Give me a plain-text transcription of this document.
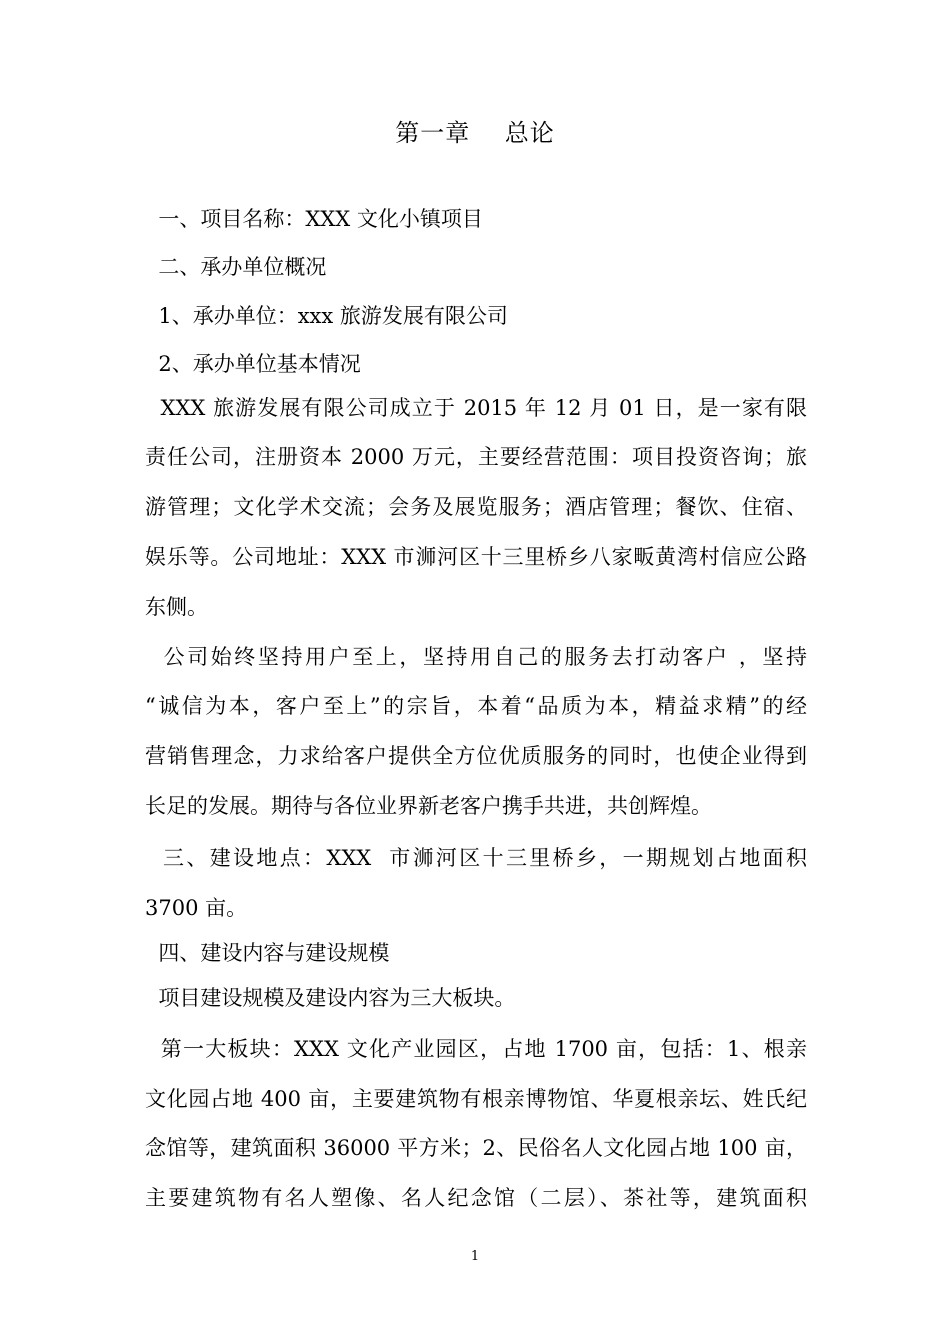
第一章    总论

一、项目名称：XXX 文化小镇项目

二、承办单位概况

1、承办单位：xxx 旅游发展有限公司

2、承办单位基本情况

XXX 旅游发展有限公司成立于 2015 年 12 月 01 日，是一家有限

责任公司，注册资本 2000 万元，主要经营范围：项目投资咨询；旅

游管理；文化学术交流；会务及展览服务；酒店管理；餐饮、住宿、

娱乐等。公司地址：XXX 市浉河区十三里桥乡八家畈黄湾村信应公路

东侧。

公司始终坚持用户至上，坚持用自己的服务去打动客户 ，坚持

“诚信为本，客户至上”的宗旨，本着“品质为本，精益求精”的经

营销售理念，力求给客户提供全方位优质服务的同时，也使企业得到

长足的发展。期待与各位业界新老客户携手共进，共创辉煌。

三、建设地点：XXX  市浉河区十三里桥乡，一期规划占地面积

3700 亩。

四、建设内容与建设规模

项目建设规模及建设内容为三大板块。

第一大板块：XXX 文化产业园区，占地 1700 亩，包括：1、根亲

文化园占地 400 亩，主要建筑物有根亲博物馆、华夏根亲坛、姓氏纪

念馆等，建筑面积 36000 平方米；2、民俗名人文化园占地 100 亩，

主要建筑物有名人塑像、名人纪念馆（二层）、茶社等，建筑面积

1
